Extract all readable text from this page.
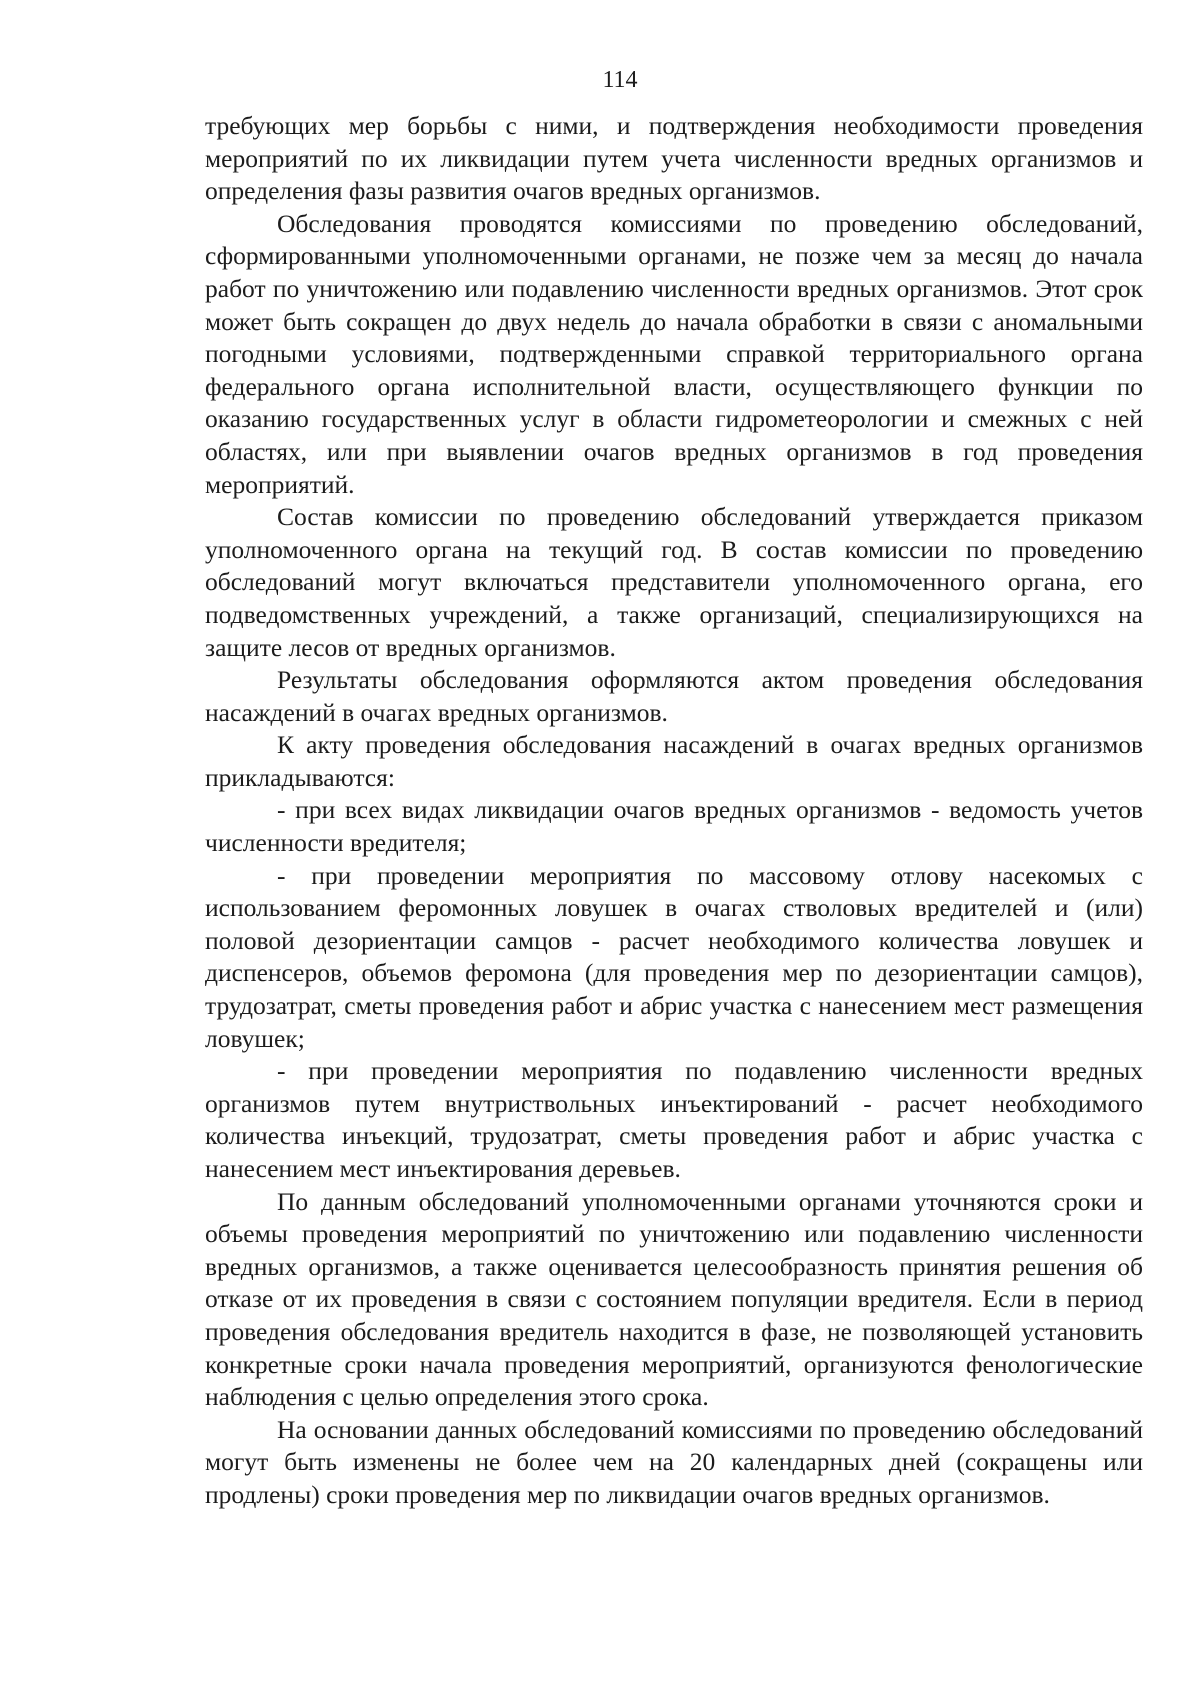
114

требующих мер борьбы с ними, и подтверждения необходимости проведения мероприятий по их ликвидации путем учета численности вредных организмов и определения фазы развития очагов вредных организмов.

Обследования проводятся комиссиями по проведению обследований, сформированными уполномоченными органами, не позже чем за месяц до начала работ по уничтожению или подавлению численности вредных организмов. Этот срок может быть сокращен до двух недель до начала обработки в связи с аномальными погодными условиями, подтвержденными справкой территориального органа федерального органа исполнительной власти, осуществляющего функции по оказанию государственных услуг в области гидрометеорологии и смежных с ней областях, или при выявлении очагов вредных организмов в год проведения мероприятий.

Состав комиссии по проведению обследований утверждается приказом уполномоченного органа на текущий год. В состав комиссии по проведению обследований могут включаться представители уполномоченного органа, его подведомственных учреждений, а также организаций, специализирующихся на защите лесов от вредных организмов.

Результаты обследования оформляются актом проведения обследования насаждений в очагах вредных организмов.

К акту проведения обследования насаждений в очагах вредных организмов прикладываются:

- при всех видах ликвидации очагов вредных организмов - ведомость учетов численности вредителя;

- при проведении мероприятия по массовому отлову насекомых с использованием феромонных ловушек в очагах стволовых вредителей и (или) половой дезориентации самцов - расчет необходимого количества ловушек и диспенсеров, объемов феромона (для проведения мер по дезориентации самцов), трудозатрат, сметы проведения работ и абрис участка с нанесением мест размещения ловушек;

- при проведении мероприятия по подавлению численности вредных организмов путем внутриствольных инъектирований - расчет необходимого количества инъекций, трудозатрат, сметы проведения работ и абрис участка с нанесением мест инъектирования деревьев.

По данным обследований уполномоченными органами уточняются сроки и объемы проведения мероприятий по уничтожению или подавлению численности вредных организмов, а также оценивается целесообразность принятия решения об отказе от их проведения в связи с состоянием популяции вредителя. Если в период проведения обследования вредитель находится в фазе, не позволяющей установить конкретные сроки начала проведения мероприятий, организуются фенологические наблюдения с целью определения этого срока.

На основании данных обследований комиссиями по проведению обследований могут быть изменены не более чем на 20 календарных дней (сокращены или продлены) сроки проведения мер по ликвидации очагов вредных организмов.
